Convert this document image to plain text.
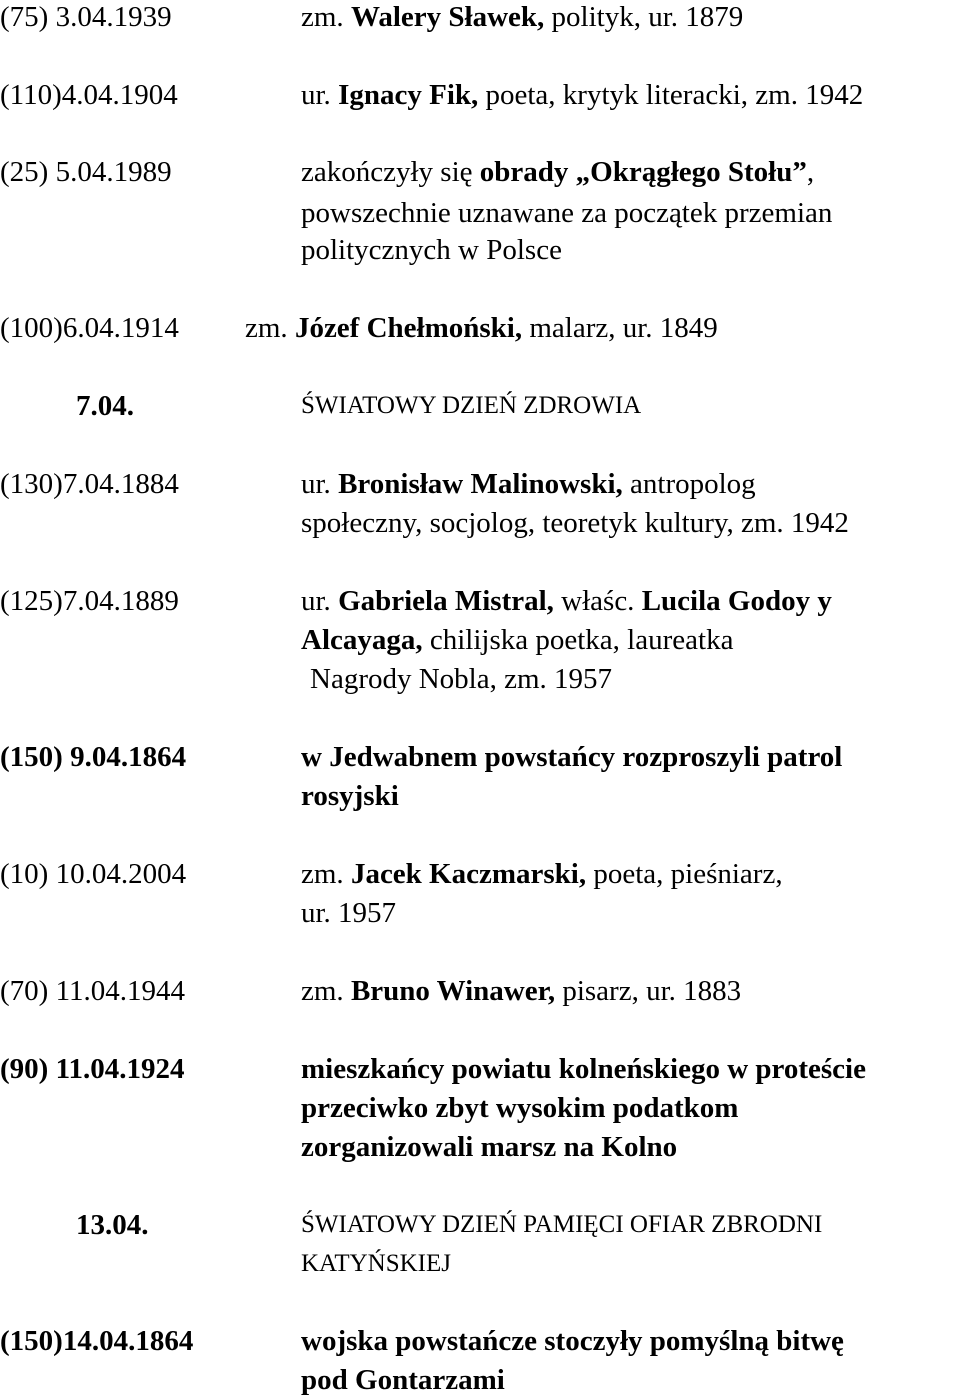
(75) 3.04.1939	zm. Walery Sławek, polityk, ur. 1879
(110)4.04.1904	ur. Ignacy Fik, poeta, krytyk literacki, zm. 1942
(25) 5.04.1989	zakończyły się obrady „Okrągłego Stołu”,
powszechnie uznawane za początek przemian
politycznych w Polsce
(100)6.04.1914 zm. Józef Chełmoński, malarz, ur. 1849
7.04.	ŚWIATOWY DZIEŃ ZDROWIA
(130)7.04.1884	ur. Bronisław Malinowski, antropolog
społeczny, socjolog, teoretyk kultury, zm. 1942
(125)7.04.1889	ur. Gabriela Mistral, właśc. Lucila Godoy y
Alcayaga, chilijska poetka, laureatka
Nagrody Nobla, zm. 1957
(150) 9.04.1864	w Jedwabnem powstańcy rozproszyli patrol
rosyjski
(10) 10.04.2004	zm. Jacek Kaczmarski, poeta, pieśniarz,
ur. 1957
(70) 11.04.1944	zm. Bruno Winawer, pisarz, ur. 1883
(90) 11.04.1924	mieszkańcy powiatu kolneńskiego w proteście
przeciwko zbyt wysokim podatkom
zorganizowali marsz na Kolno
13.04.	ŚWIATOWY DZIEŃ PAMIĘCI OFIAR ZBRODNI
KATYŃSKIEJ
(150)14.04.1864	wojska powstańcze stoczyły pomyślną bitwę
pod Gontarzami
